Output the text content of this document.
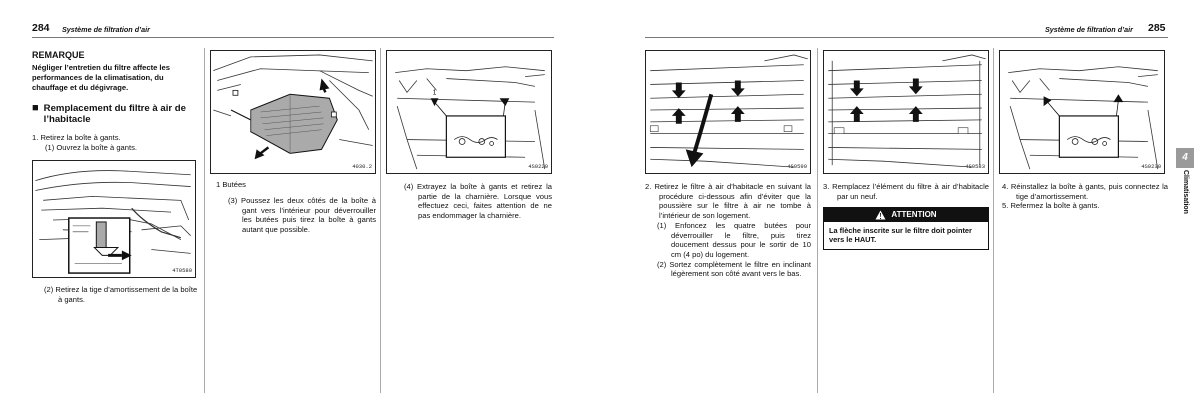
284 Système de filtration d’air
REMARQUE
Négliger l’entretien du filtre affecte les performances de la climatisation, du chauffage et du dégivrage.
■ Remplacement du filtre à air de l’habitacle
1. Retirez la boîte à gants.
(1) Ouvrez la boîte à gants.
4T0580
(2) Retirez la tige d’amortissement de la boîte à gants.
4030.2
1 Butées
(3) Poussez les deux côtés de la boîte à gant vers l’intérieur pour déverrouiller les butées puis tirez la boîte à gants autant que possible.
1
4S0220
(4) Extrayez la boîte à gants et retirez la partie de la charnière. Lorsque vous effectuez ceci, faites attention de ne pas endommager la charnière.
Système de filtration d’air 285
4S0590
2. Retirez le filtre à air d’habitacle en suivant la procédure ci-dessous afin d’éviter que la poussière sur le filtre à air ne tombe à l’intérieur de son logement.
(1) Enfoncez les quatre butées pour déverrouiller le filtre, puis tirez doucement dessus pour le sortir de 10 cm (4 po) du logement.
(2) Sortez complètement le filtre en inclinant légèrement son côté avant vers le bas.
4S0583
3. Remplacez l’élément du filtre à air d’habitacle par un neuf.
ATTENTION
La flèche inscrite sur le filtre doit pointer vers le HAUT.
4S0230
4. Réinstallez la boîte à gants, puis connectez la tige d’amortissement.
5. Refermez la boîte à gants.
4
Climatisation
